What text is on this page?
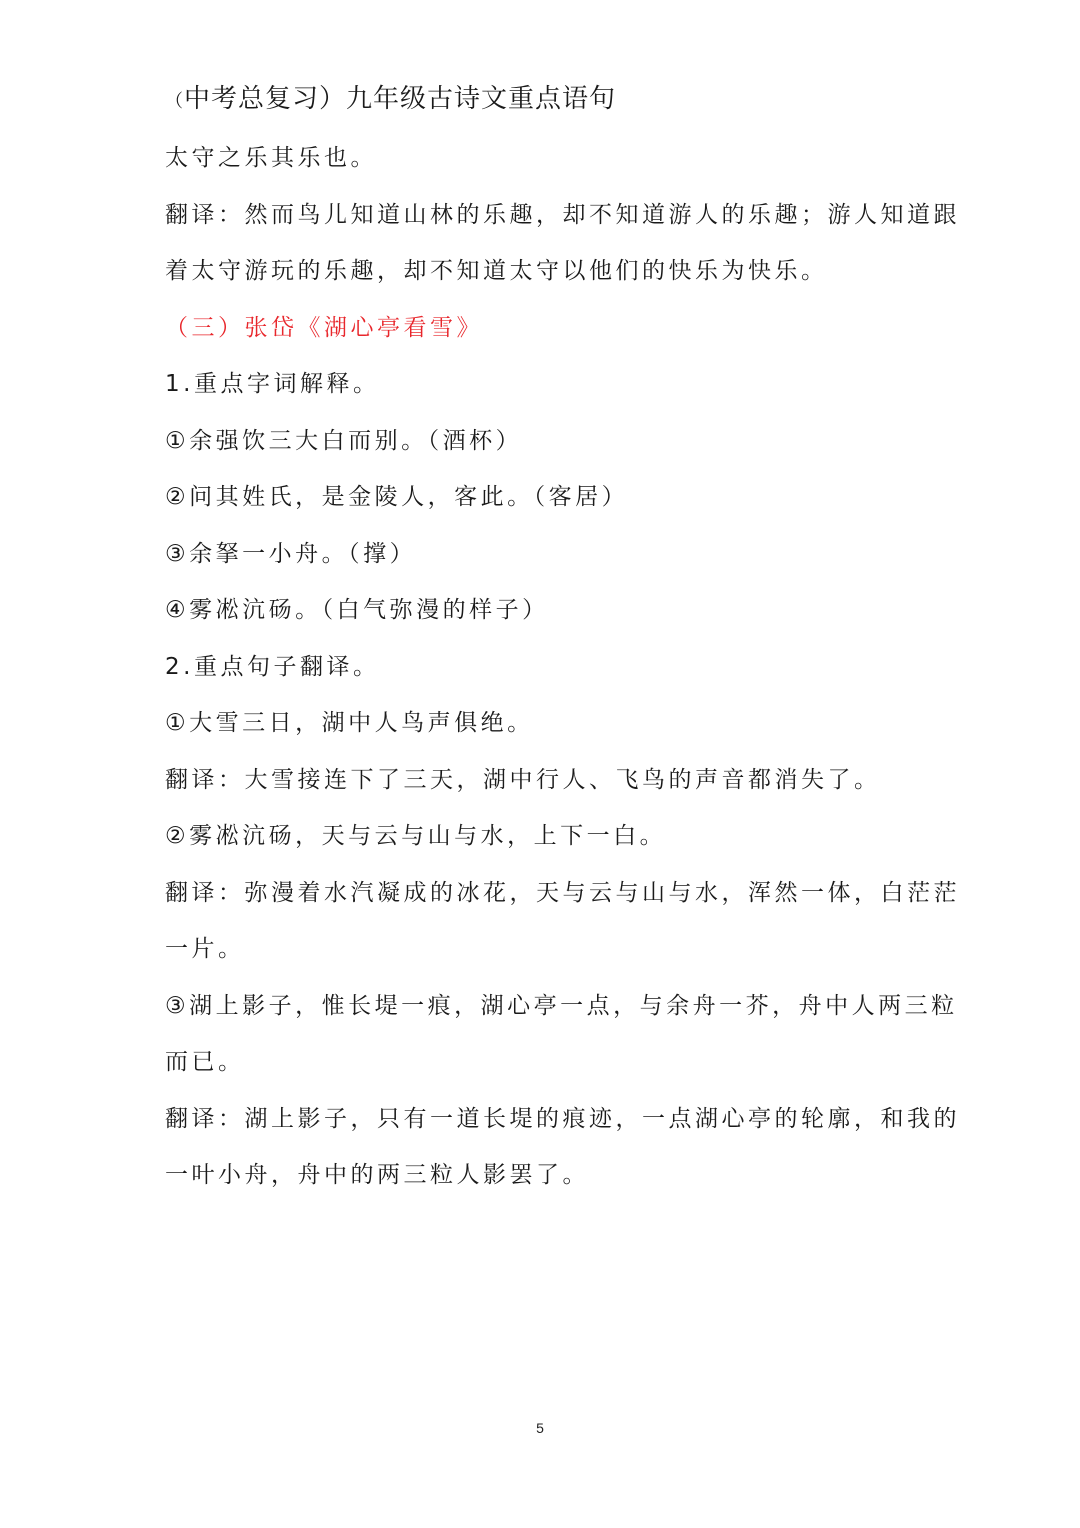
（中考总复习）九年级古诗文重点语句
太守之乐其乐也。
翻译：然而鸟儿知道山林的乐趣，却不知道游人的乐趣；游人知道跟
着太守游玩的乐趣，却不知道太守以他们的快乐为快乐。
（三）张岱《湖心亭看雪》
1.重点字词解释。
①余强饮三大白而别。（酒杯）
②问其姓氏，是金陵人，客此。（客居）
③余拏一小舟。（撑）
④雾凇沆砀。（白气弥漫的样子）
2.重点句子翻译。
①大雪三日，湖中人鸟声俱绝。
翻译：大雪接连下了三天，湖中行人、飞鸟的声音都消失了。
②雾凇沆砀，天与云与山与水，上下一白。
翻译：弥漫着水汽凝成的冰花，天与云与山与水，浑然一体，白茫茫
一片。
③湖上影子，惟长堤一痕，湖心亭一点，与余舟一芥，舟中人两三粒
而已。
翻译：湖上影子，只有一道长堤的痕迹，一点湖心亭的轮廓，和我的
一叶小舟，舟中的两三粒人影罢了。
5
